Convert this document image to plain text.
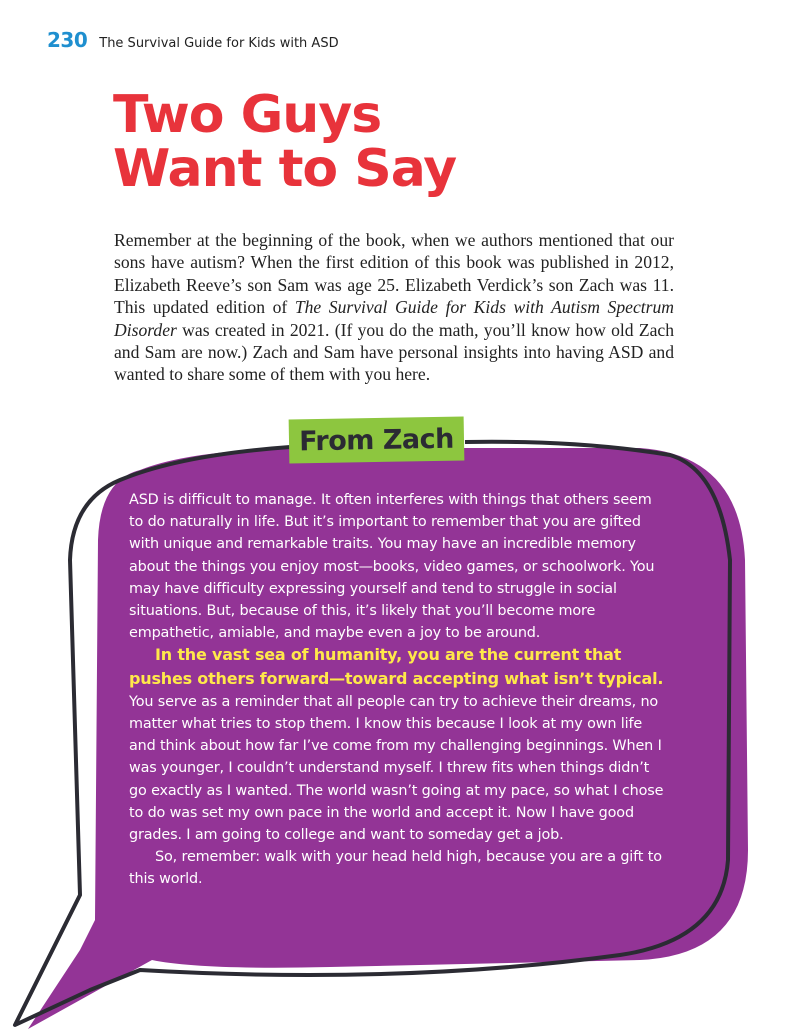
230 The Survival Guide for Kids with ASD
Two Guys
Want to Say

Remember at the beginning of the book, when we authors mentioned that our sons have autism? When the first edition of this book was published in 2012, Elizabeth Reeve’s son Sam was age 25. Elizabeth Verdick’s son Zach was 11. This updated edition of The Survival Guide for Kids with Autism Spectrum Disorder was created in 2021. (If you do the math, you’ll know how old Zach and Sam are now.) Zach and Sam have personal insights into having ASD and wanted to share some of them with you here.

From Zach

ASD is difficult to manage. It often interferes with things that others seem to do naturally in life. But it’s important to remember that you are gifted with unique and remarkable traits. You may have an incredible memory about the things you enjoy most—books, video games, or schoolwork. You may have difficulty expressing yourself and tend to struggle in social situations. But, because of this, it’s likely that you’ll become more empathetic, amiable, and maybe even a joy to be around.

In the vast sea of humanity, you are the current that pushes others forward—toward accepting what isn’t typical. You serve as a reminder that all people can try to achieve their dreams, no matter what tries to stop them. I know this because I look at my own life and think about how far I’ve come from my challenging beginnings. When I was younger, I couldn’t understand myself. I threw fits when things didn’t go exactly as I wanted. The world wasn’t going at my pace, so what I chose to do was set my own pace in the world and accept it. Now I have good grades. I am going to college and want to someday get a job.

So, remember: walk with your head held high, because you are a gift to this world.
